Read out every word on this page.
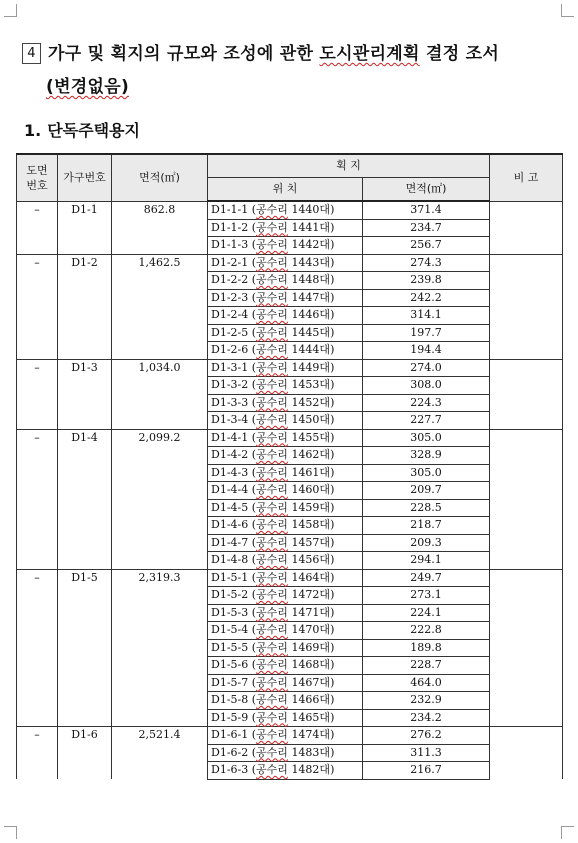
4 가구 및 획지의 규모와 조성에 관한 도시관리계획 결정 조서
(변경없음)
1. 단독주택용지
도면
번호	가구번호	면적(㎡)	획 지		비 고
			위 치	면적(㎡)	
–	D1-1	862.8	D1-1-1 (공수리 1440대)	371.4	
			D1-1-2 (공수리 1441대)	234.7	
			D1-1-3 (공수리 1442대)	256.7	
–	D1-2	1,462.5	D1-2-1 (공수리 1443대)	274.3	
			D1-2-2 (공수리 1448대)	239.8	
			D1-2-3 (공수리 1447대)	242.2	
			D1-2-4 (공수리 1446대)	314.1	
			D1-2-5 (공수리 1445대)	197.7	
			D1-2-6 (공수리 1444대)	194.4	
–	D1-3	1,034.0	D1-3-1 (공수리 1449대)	274.0	
			D1-3-2 (공수리 1453대)	308.0	
			D1-3-3 (공수리 1452대)	224.3	
			D1-3-4 (공수리 1450대)	227.7	
–	D1-4	2,099.2	D1-4-1 (공수리 1455대)	305.0	
			D1-4-2 (공수리 1462대)	328.9	
			D1-4-3 (공수리 1461대)	305.0	
			D1-4-4 (공수리 1460대)	209.7	
			D1-4-5 (공수리 1459대)	228.5	
			D1-4-6 (공수리 1458대)	218.7	
			D1-4-7 (공수리 1457대)	209.3	
			D1-4-8 (공수리 1456대)	294.1	
–	D1-5	2,319.3	D1-5-1 (공수리 1464대)	249.7	
			D1-5-2 (공수리 1472대)	273.1	
			D1-5-3 (공수리 1471대)	224.1	
			D1-5-4 (공수리 1470대)	222.8	
			D1-5-5 (공수리 1469대)	189.8	
			D1-5-6 (공수리 1468대)	228.7	
			D1-5-7 (공수리 1467대)	464.0	
			D1-5-8 (공수리 1466대)	232.9	
			D1-5-9 (공수리 1465대)	234.2	
–	D1-6	2,521.4	D1-6-1 (공수리 1474대)	276.2	
			D1-6-2 (공수리 1483대)	311.3	
			D1-6-3 (공수리 1482대)	216.7	
